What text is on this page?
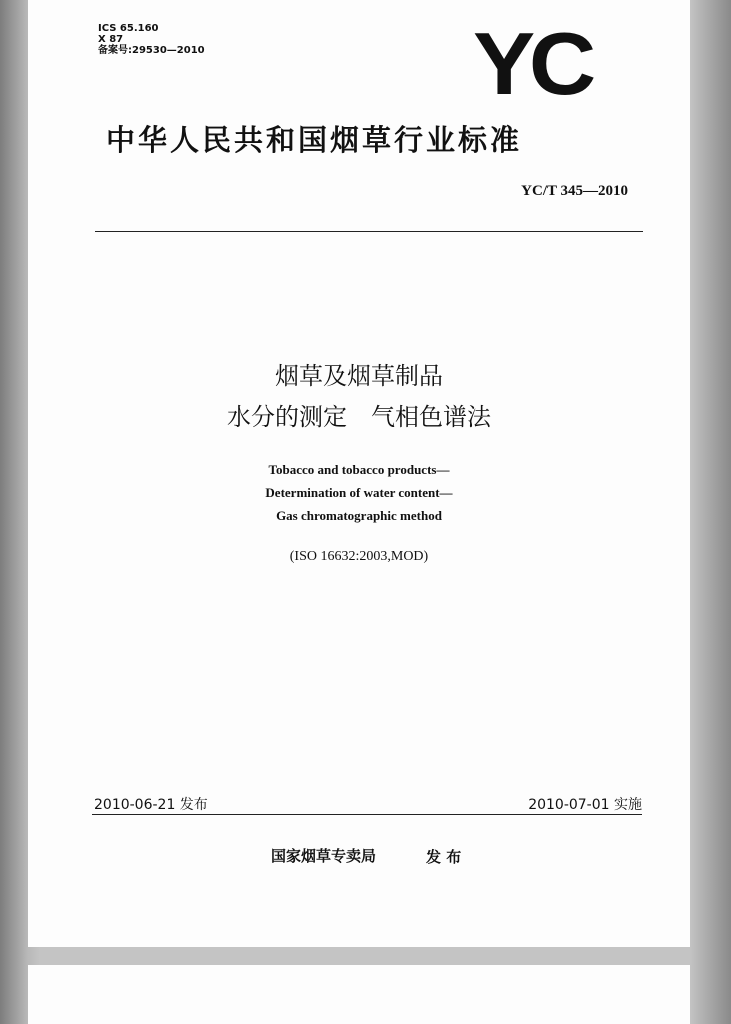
ICS 65.160
X 87
备案号:29530—2010	YC
中华人民共和国烟草行业标准
YC/T 345—2010
烟草及烟草制品
水分的测定　气相色谱法
Tobacco and tobacco products—
Determination of water content—
Gas chromatographic method
(ISO 16632:2003,MOD)
2010-06-21 发布	2010-07-01 实施
国家烟草专卖局	发 布
